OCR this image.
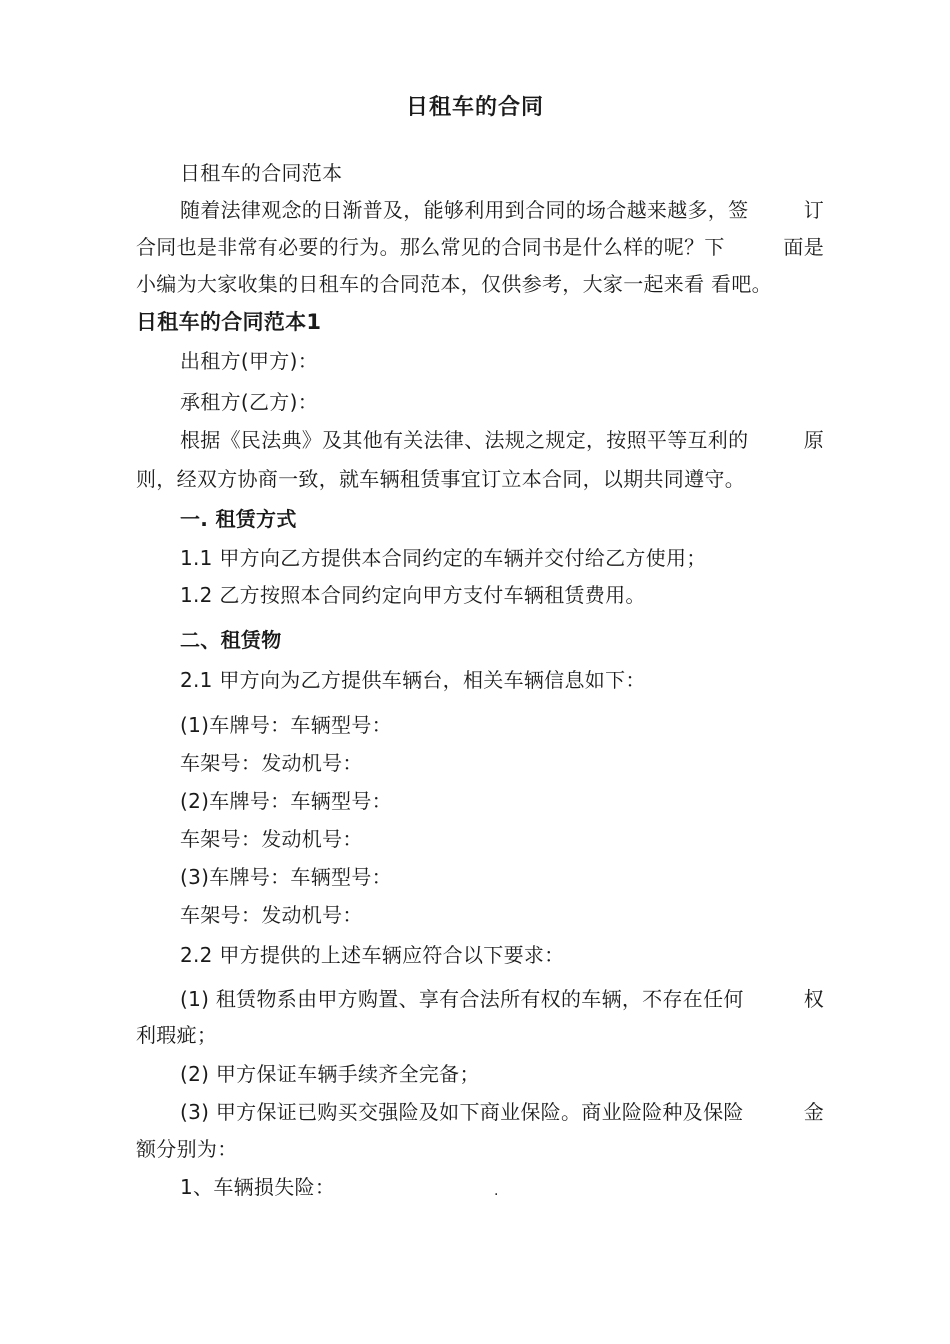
日租车的合同
日租车的合同范本
随着法律观念的日渐普及，能够利用到合同的场合越来越多，签	订
合同也是非常有必要的行为。那么常见的合同书是什么样的呢？下	面是
小编为大家收集的日租车的合同范本，仅供参考，大家一起来看 看吧。
日租车的合同范本1
出租方(甲方)：
承租方(乙方)：
根据《民法典》及其他有关法律、法规之规定，按照平等互利的	原
则，经双方协商一致，就车辆租赁事宜订立本合同，以期共同遵守。
一. 租赁方式
1.1 甲方向乙方提供本合同约定的车辆并交付给乙方使用；
1.2 乙方按照本合同约定向甲方支付车辆租赁费用。
二、租赁物
2.1 甲方向为乙方提供车辆台，相关车辆信息如下：
(1)车牌号：车辆型号：
车架号：发动机号：
(2)车牌号：车辆型号：
车架号：发动机号：
(3)车牌号：车辆型号：
车架号：发动机号：
2.2 甲方提供的上述车辆应符合以下要求：
(1) 租赁物系由甲方购置、享有合法所有权的车辆，不存在任何	权
利瑕疵；
(2) 甲方保证车辆手续齐全完备；
(3) 甲方保证已购买交强险及如下商业保险。商业险险种及保险	金
额分别为：
1、车辆损失险：	.
